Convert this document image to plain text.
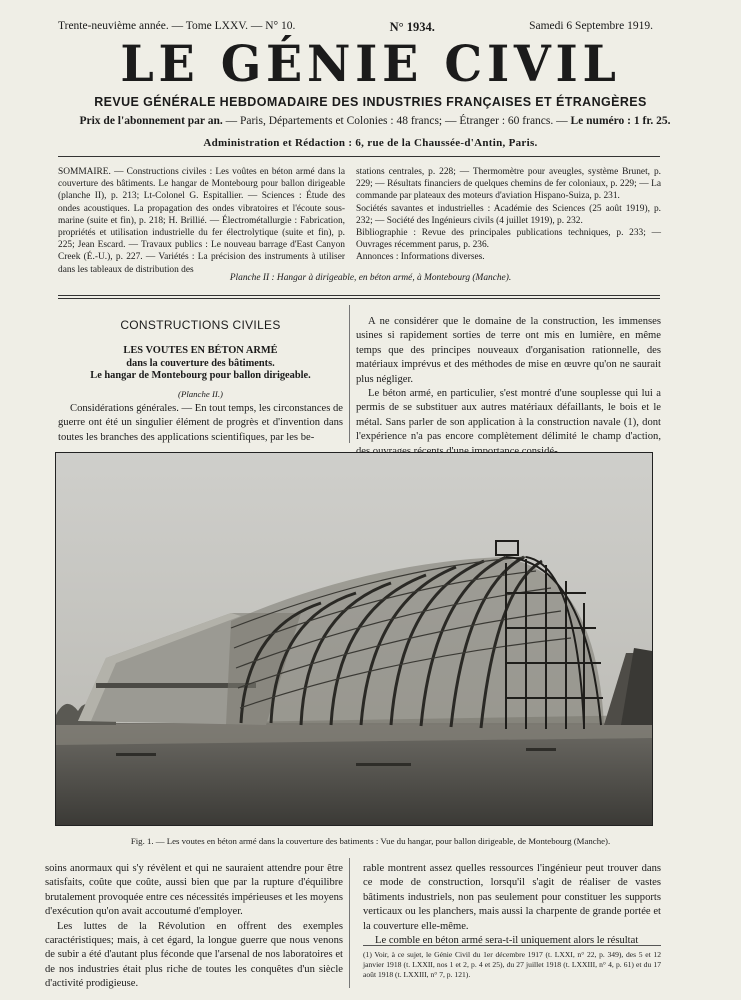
Trente-neuvième année. — Tome LXXV. — N° 10.	N° 1934.	Samedi 6 Septembre 1919.
LE GÉNIE CIVIL
REVUE GÉNÉRALE HEBDOMADAIRE DES INDUSTRIES FRANÇAISES ET ÉTRANGÈRES
Prix de l'abonnement par an. — Paris, Départements et Colonies : 48 francs; — Étranger : 60 francs. — Le numéro : 1 fr. 25.
Administration et Rédaction : 6, rue de la Chaussée-d'Antin, Paris.
SOMMAIRE. — Constructions civiles : Les voûtes en béton armé dans la couverture des bâtiments. Le hangar de Montebourg pour ballon dirigeable (planche II), p. 213; Lt-Colonel G. Espitallier. — Sciences : Étude des ondes acoustiques. La propagation des ondes vibratoires et l'écoute sous-marine (suite et fin), p. 218; H. Brillié. — Électrométallurgie : Fabrication, propriétés et utilisation industrielle du fer électrolytique (suite et fin), p. 225; Jean Escard. — Travaux publics : Le nouveau barrage d'East Canyon Creek (É.-U.), p. 227. — Variétés : La précision des instruments à utiliser dans les tableaux de distribution des
stations centrales, p. 228; — Thermomètre pour aveugles, système Brunet, p. 229; — Résultats financiers de quelques chemins de fer coloniaux, p. 229; — La commande par plateaux des moteurs d'aviation Hispano-Suiza, p. 231.
Sociétés savantes et industrielles : Académie des Sciences (25 août 1919), p. 232; — Société des Ingénieurs civils (4 juillet 1919), p. 232.
Bibliographie : Revue des principales publications techniques, p. 233; — Ouvrages récemment parus, p. 236.
Annonces : Informations diverses.
Planche II : Hangar à dirigeable, en béton armé, à Montebourg (Manche).
CONSTRUCTIONS CIVILES
LES VOUTES EN BÉTON ARMÉ
dans la couverture des bâtiments.
Le hangar de Montebourg pour ballon dirigeable.
(Planche II.)

Considérations générales. — En tout temps, les circonstances de guerre ont été un singulier élément de progrès et d'invention dans toutes les branches des applications scientifiques, par les be-

A ne considérer que le domaine de la construction, les immenses usines si rapidement sorties de terre ont mis en lumière, en même temps que des principes nouveaux d'organisation rationnelle, des matériaux imprévus et des méthodes de mise en œuvre qu'on ne saurait plus négliger.

Le béton armé, en particulier, s'est montré d'une souplesse qui lui a permis de se substituer aux autres matériaux défaillants, le bois et le métal. Sans parler de son application à la construction navale (1), dont l'expérience n'a pas encore complètement délimité le champ d'action,

Fig. 1. — Les voutes en béton armé dans la couverture des batiments : Vue du hangar, pour ballon dirigeable, de Montebourg (Manche).

soins anormaux qui s'y révèlent et qui ne sauraient attendre pour être satisfaits, coûte que coûte, aussi bien que par la rupture d'équilibre brutalement provoquée entre ces nécessités impérieuses et les moyens d'exécution qu'on avait accoutumé d'employer.

Les luttes de la Révolution en offrent des exemples caractéristiques; mais, à cet égard, la longue guerre que nous venons de subir a été d'autant plus féconde que l'arsenal de nos laboratoires et de nos industries était plus riche de toutes les conquêtes d'un siècle d'activité prodigieuse.

rable montrent assez quelles ressources l'ingénieur peut trouver dans ce mode de construction, lorsqu'il s'agit de réaliser de vastes bâtiments industriels, non pas seulement pour constituer les supports verticaux ou les planchers, mais aussi la charpente de grande portée et la couverture elle-même.

Le comble en béton armé sera-t-il uniquement alors le résultat

(1) Voir, à ce sujet, le Génie Civil du 1er décembre 1917 (t. LXXI, n° 22, p. 349), des 5 et 12 janvier 1918 (t. LXXII, nos 1 et 2, p. 4 et 25), du 27 juillet 1918 (t. LXXIII, n° 4, p. 61) et du 17 août 1918 (t. LXXIII, n° 7, p. 121).
